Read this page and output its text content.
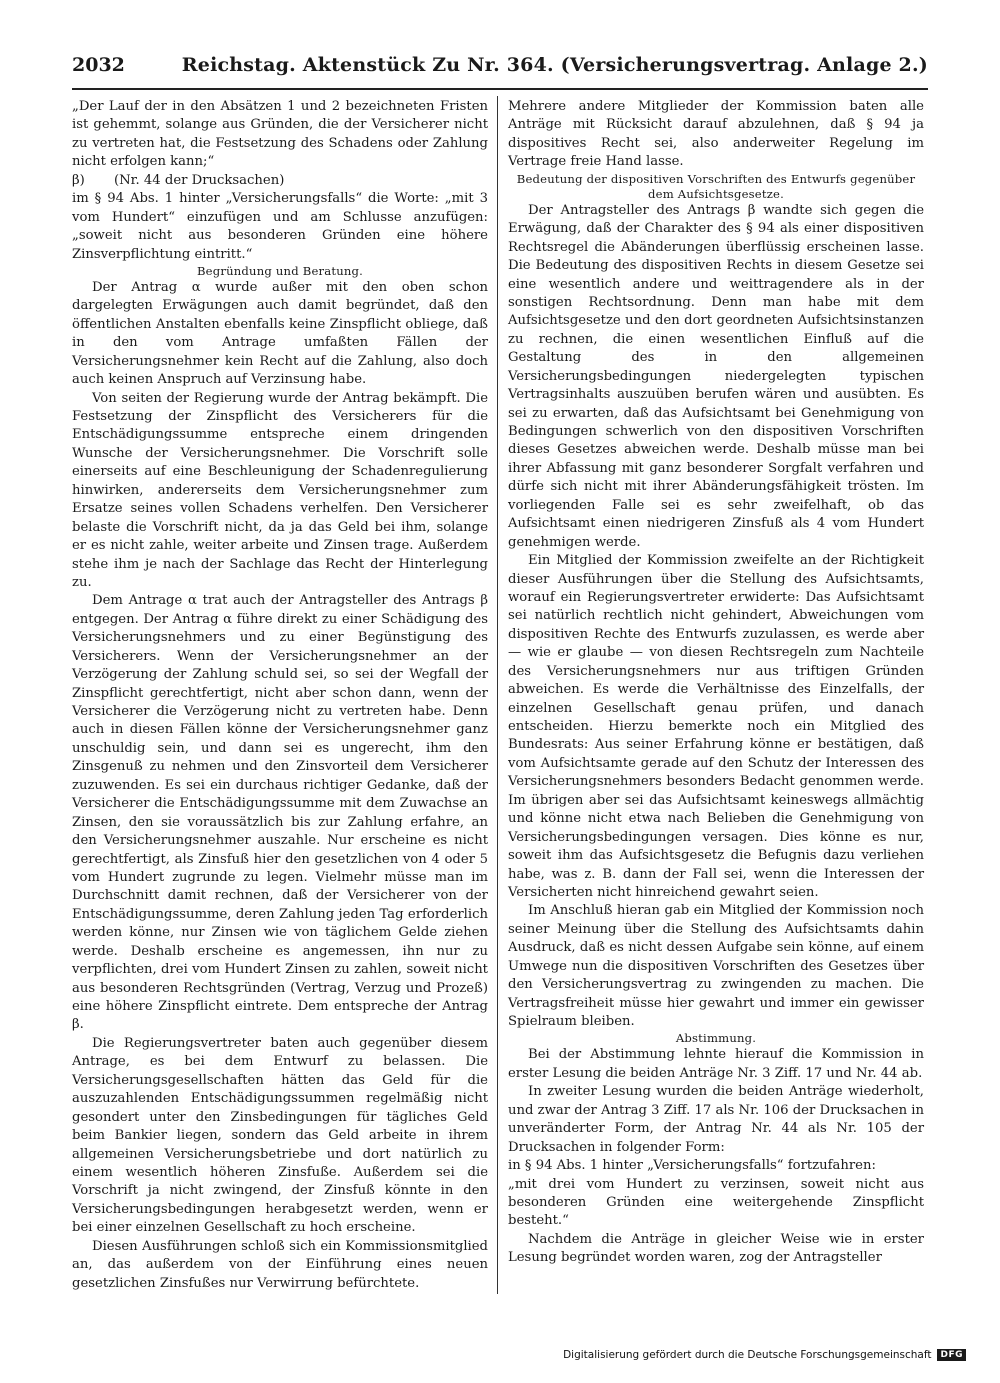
2032	Reichstag. Aktenstück Zu Nr. 364. (Versicherungsvertrag. Anlage 2.)

„Der Lauf der in den Absätzen 1 und 2 bezeichneten Fristen ist gehemmt, solange aus Gründen, die der Versicherer nicht zu vertreten hat, die Festsetzung des Schadens oder Zahlung nicht erfolgen kann;“

β)	(Nr. 44 der Drucksachen)

im § 94 Abs. 1 hinter „Versicherungsfalls“ die Worte: „mit 3 vom Hundert“ einzufügen und am Schlusse anzufügen: „soweit nicht aus besonderen Gründen eine höhere Zinsverpflichtung eintritt.“

Begründung und Beratung.

Der Antrag α wurde außer mit den oben schon dargelegten Erwägungen auch damit begründet, daß den öffentlichen Anstalten ebenfalls keine Zinspflicht obliege, daß in den vom Antrage umfaßten Fällen der Versicherungsnehmer kein Recht auf die Zahlung, also doch auch keinen Anspruch auf Verzinsung habe.

Von seiten der Regierung wurde der Antrag bekämpft. Die Festsetzung der Zinspflicht des Versicherers für die Entschädigungssumme entspreche einem dringenden Wunsche der Versicherungsnehmer. Die Vorschrift solle einerseits auf eine Beschleunigung der Schadenregulierung hinwirken, andererseits dem Versicherungsnehmer zum Ersatze seines vollen Schadens verhelfen. Den Versicherer belaste die Vorschrift nicht, da ja das Geld bei ihm, solange er es nicht zahle, weiter arbeite und Zinsen trage. Außerdem stehe ihm je nach der Sachlage das Recht der Hinterlegung zu.

Dem Antrage α trat auch der Antragsteller des Antrags β entgegen. Der Antrag α führe direkt zu einer Schädigung des Versicherungsnehmers und zu einer Begünstigung des Versicherers. Wenn der Versicherungsnehmer an der Verzögerung der Zahlung schuld sei, so sei der Wegfall der Zinspflicht gerechtfertigt, nicht aber schon dann, wenn der Versicherer die Verzögerung nicht zu vertreten habe. Denn auch in diesen Fällen könne der Versicherungsnehmer ganz unschuldig sein, und dann sei es ungerecht, ihm den Zinsgenuß zu nehmen und den Zinsvorteil dem Versicherer zuzuwenden. Es sei ein durchaus richtiger Gedanke, daß der Versicherer die Entschädigungssumme mit dem Zuwachse an Zinsen, den sie voraussätzlich bis zur Zahlung erfahre, an den Versicherungsnehmer auszahle. Nur erscheine es nicht gerechtfertigt, als Zinsfuß hier den gesetzlichen von 4 oder 5 vom Hundert zugrunde zu legen. Vielmehr müsse man im Durchschnitt damit rechnen, daß der Versicherer von der Entschädigungssumme, deren Zahlung jeden Tag erforderlich werden könne, nur Zinsen wie von täglichem Gelde ziehen werde. Deshalb erscheine es angemessen, ihn nur zu verpflichten, drei vom Hundert Zinsen zu zahlen, soweit nicht aus besonderen Rechtsgründen (Vertrag, Verzug und Prozeß) eine höhere Zinspflicht eintrete. Dem entspreche der Antrag β.

Die Regierungsvertreter baten auch gegenüber diesem Antrage, es bei dem Entwurf zu belassen. Die Versicherungsgesellschaften hätten das Geld für die auszuzahlenden Entschädigungssummen regelmäßig nicht gesondert unter den Zinsbedingungen für tägliches Geld beim Bankier liegen, sondern das Geld arbeite in ihrem allgemeinen Versicherungsbetriebe und dort natürlich zu einem wesentlich höheren Zinsfuße. Außerdem sei die Vorschrift ja nicht zwingend, der Zinsfuß könnte in den Versicherungsbedingungen herabgesetzt werden, wenn er bei einer einzelnen Gesellschaft zu hoch erscheine.

Diesen Ausführungen schloß sich ein Kommissionsmitglied an, das außerdem von der Einführung eines neuen gesetzlichen Zinsfußes nur Verwirrung befürchtete.

Mehrere andere Mitglieder der Kommission baten alle Anträge mit Rücksicht darauf abzulehnen, daß § 94 ja dispositives Recht sei, also anderweiter Regelung im Vertrage freie Hand lasse.

Bedeutung der dispositiven Vorschriften des Entwurfs gegenüber dem Aufsichtsgesetze.

Der Antragsteller des Antrags β wandte sich gegen die Erwägung, daß der Charakter des § 94 als einer dispositiven Rechtsregel die Abänderungen überflüssig erscheinen lasse. Die Bedeutung des dispositiven Rechts in diesem Gesetze sei eine wesentlich andere und weittragendere als in der sonstigen Rechtsordnung. Denn man habe mit dem Aufsichtsgesetze und den dort geordneten Aufsichtsinstanzen zu rechnen, die einen wesentlichen Einfluß auf die Gestaltung des in den allgemeinen Versicherungsbedingungen niedergelegten typischen Vertragsinhalts auszuüben berufen wären und ausübten. Es sei zu erwarten, daß das Aufsichtsamt bei Genehmigung von Bedingungen schwerlich von den dispositiven Vorschriften dieses Gesetzes abweichen werde. Deshalb müsse man bei ihrer Abfassung mit ganz besonderer Sorgfalt verfahren und dürfe sich nicht mit ihrer Abänderungsfähigkeit trösten. Im vorliegenden Falle sei es sehr zweifelhaft, ob das Aufsichtsamt einen niedrigeren Zinsfuß als 4 vom Hundert genehmigen werde.

Ein Mitglied der Kommission zweifelte an der Richtigkeit dieser Ausführungen über die Stellung des Aufsichtsamts, worauf ein Regierungsvertreter erwiderte: Das Aufsichtsamt sei natürlich rechtlich nicht gehindert, Abweichungen vom dispositiven Rechte des Entwurfs zuzulassen, es werde aber — wie er glaube — von diesen Rechtsregeln zum Nachteile des Versicherungsnehmers nur aus triftigen Gründen abweichen. Es werde die Verhältnisse des Einzelfalls, der einzelnen Gesellschaft genau prüfen, und danach entscheiden. Hierzu bemerkte noch ein Mitglied des Bundesrats: Aus seiner Erfahrung könne er bestätigen, daß vom Aufsichtsamte gerade auf den Schutz der Interessen des Versicherungsnehmers besonders Bedacht genommen werde. Im übrigen aber sei das Aufsichtsamt keineswegs allmächtig und könne nicht etwa nach Belieben die Genehmigung von Versicherungsbedingungen versagen. Dies könne es nur, soweit ihm das Aufsichtsgesetz die Befugnis dazu verliehen habe, was z. B. dann der Fall sei, wenn die Interessen der Versicherten nicht hinreichend gewahrt seien.

Im Anschluß hieran gab ein Mitglied der Kommission noch seiner Meinung über die Stellung des Aufsichtsamts dahin Ausdruck, daß es nicht dessen Aufgabe sein könne, auf einem Umwege nun die dispositiven Vorschriften des Gesetzes über den Versicherungsvertrag zu zwingenden zu machen. Die Vertragsfreiheit müsse hier gewahrt und immer ein gewisser Spielraum bleiben.

Abstimmung.

Bei der Abstimmung lehnte hierauf die Kommission in erster Lesung die beiden Anträge Nr. 3 Ziff. 17 und Nr. 44 ab.

In zweiter Lesung wurden die beiden Anträge wiederholt, und zwar der Antrag 3 Ziff. 17 als Nr. 106 der Drucksachen in unveränderter Form, der Antrag Nr. 44 als Nr. 105 der Drucksachen in folgender Form:

in § 94 Abs. 1 hinter „Versicherungsfalls“ fortzufahren:

„mit drei vom Hundert zu verzinsen, soweit nicht aus besonderen Gründen eine weitergehende Zinspflicht besteht.“

Nachdem die Anträge in gleicher Weise wie in erster Lesung begründet worden waren, zog der Antragsteller

Digitalisierung gefördert durch die Deutsche Forschungsgemeinschaft	DFG
